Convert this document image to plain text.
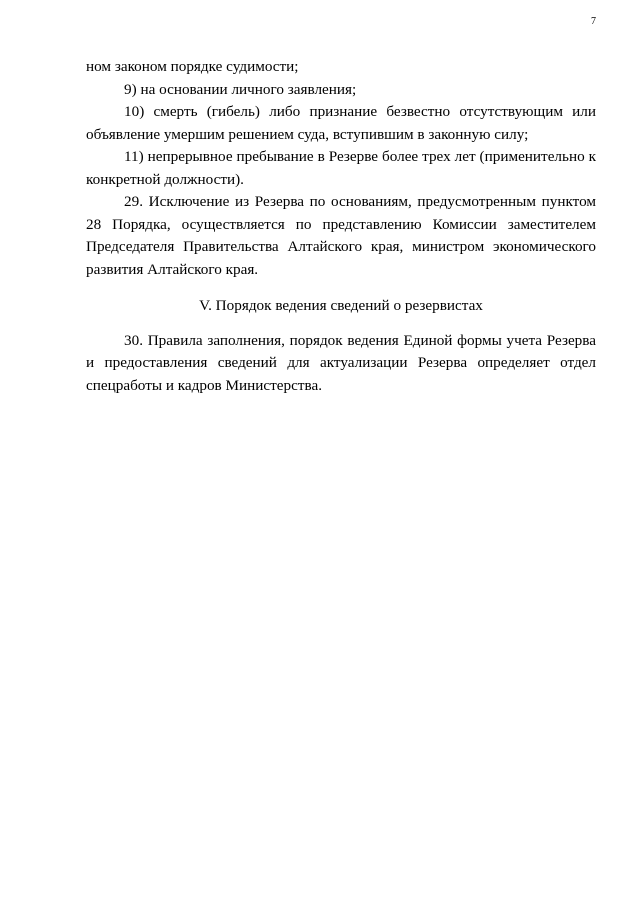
7

ном законом порядке судимости;

9) на основании личного заявления;

10) смерть (гибель) либо признание безвестно отсутствующим или объявление умершим решением суда, вступившим в законную силу;

11) непрерывное пребывание в Резерве более трех лет (применительно к конкретной должности).

29. Исключение из Резерва по основаниям, предусмотренным пунктом 28 Порядка, осуществляется по представлению Комиссии заместителем Председателя Правительства Алтайского края, министром экономического развития Алтайского края.

V. Порядок ведения сведений о резервистах

30. Правила заполнения, порядок ведения Единой формы учета Резерва и предоставления сведений для актуализации Резерва определяет отдел спецработы и кадров Министерства.
